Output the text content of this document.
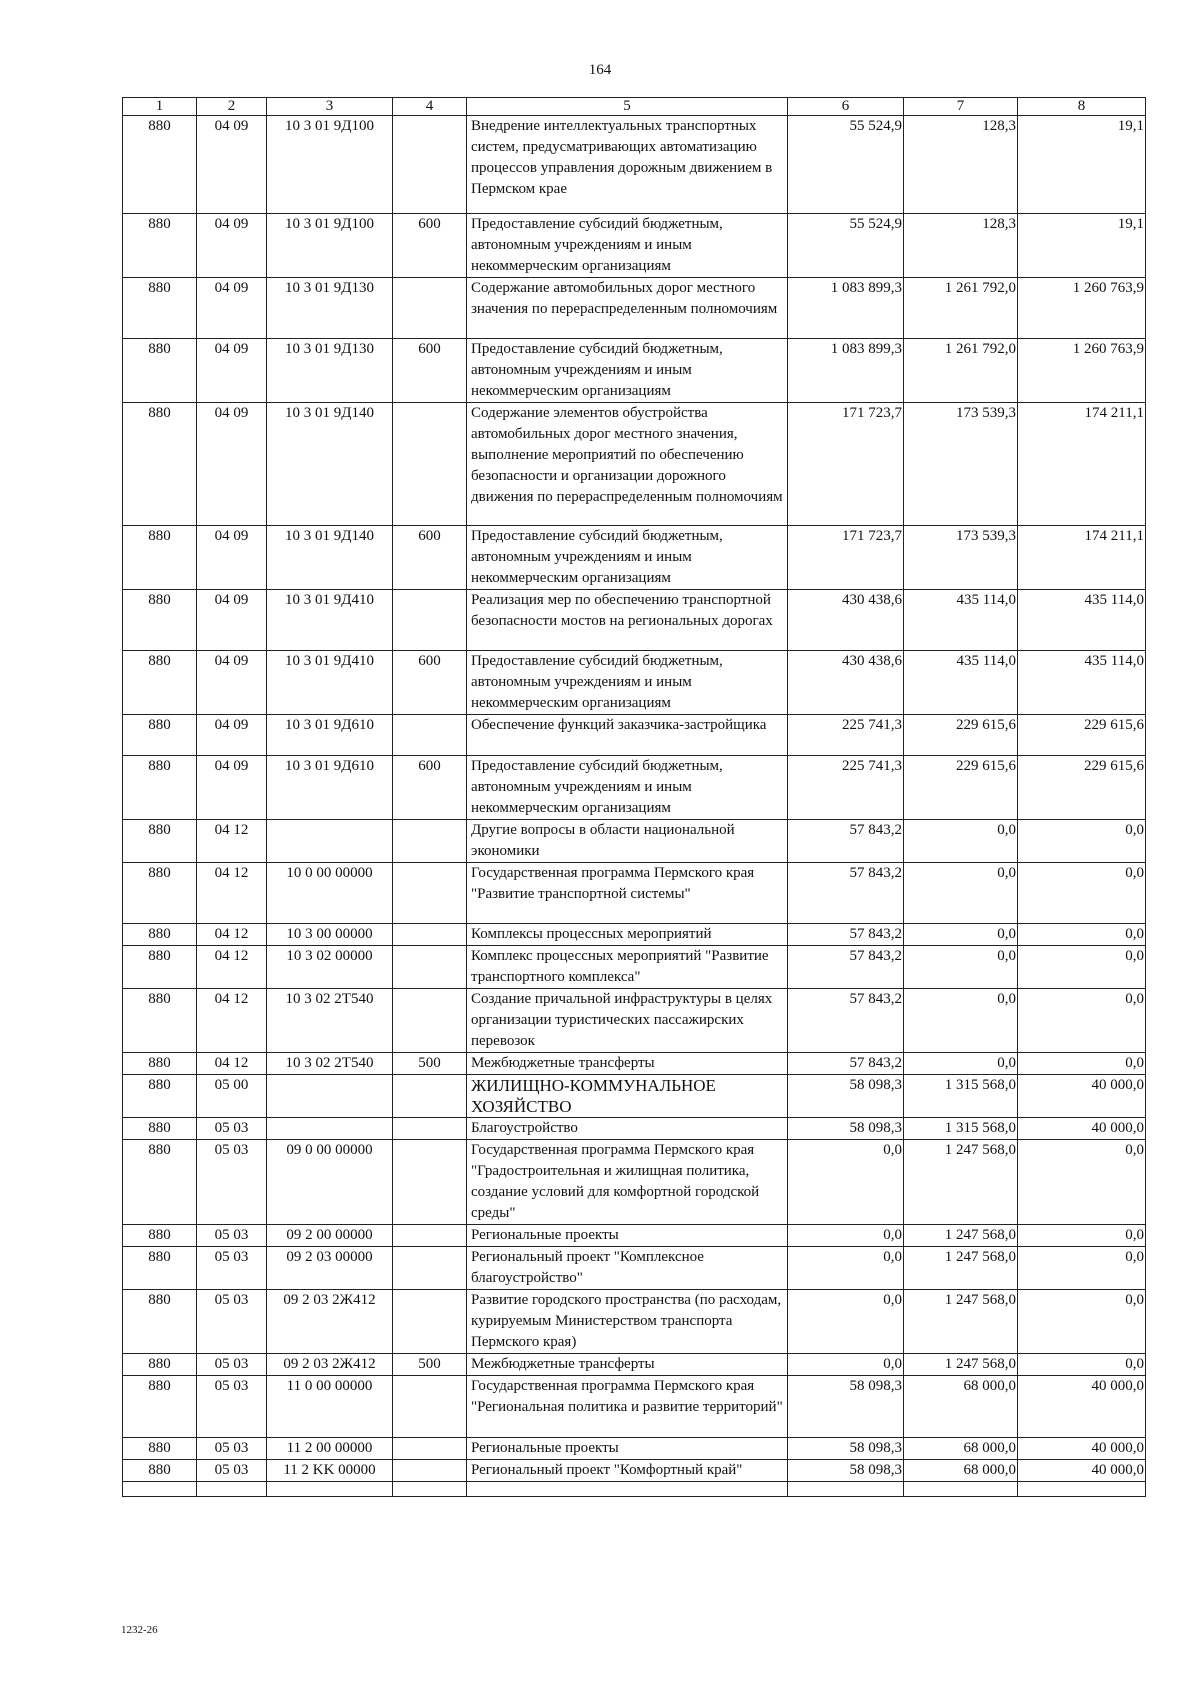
164
1	2	3	4	5	6	7	8
880	04 09	10 3 01 9Д100		Внедрение интеллектуальных транспортных систем, предусматривающих автоматизацию процессов управления дорожным движением в Пермском крае	55 524,9	128,3	19,1
880	04 09	10 3 01 9Д100	600	Предоставление субсидий бюджетным, автономным учреждениям и иным некоммерческим организациям	55 524,9	128,3	19,1
880	04 09	10 3 01 9Д130		Содержание автомобильных дорог местного значения по перераспределенным полномочиям	1 083 899,3	1 261 792,0	1 260 763,9
880	04 09	10 3 01 9Д130	600	Предоставление субсидий бюджетным, автономным учреждениям и иным некоммерческим организациям	1 083 899,3	1 261 792,0	1 260 763,9
880	04 09	10 3 01 9Д140		Содержание элементов обустройства автомобильных дорог местного значения, выполнение мероприятий по обеспечению безопасности и организации дорожного движения по перераспределенным полномочиям	171 723,7	173 539,3	174 211,1
880	04 09	10 3 01 9Д140	600	Предоставление субсидий бюджетным, автономным учреждениям и иным некоммерческим организациям	171 723,7	173 539,3	174 211,1
880	04 09	10 3 01 9Д410		Реализация мер по обеспечению транспортной безопасности мостов на региональных дорогах	430 438,6	435 114,0	435 114,0
880	04 09	10 3 01 9Д410	600	Предоставление субсидий бюджетным, автономным учреждениям и иным некоммерческим организациям	430 438,6	435 114,0	435 114,0
880	04 09	10 3 01 9Д610		Обеспечение функций заказчика-застройщика	225 741,3	229 615,6	229 615,6
880	04 09	10 3 01 9Д610	600	Предоставление субсидий бюджетным, автономным учреждениям и иным некоммерческим организациям	225 741,3	229 615,6	229 615,6
880	04 12			Другие вопросы в области национальной экономики	57 843,2	0,0	0,0
880	04 12	10 0 00 00000		Государственная программа Пермского края "Развитие транспортной системы"	57 843,2	0,0	0,0
880	04 12	10 3 00 00000		Комплексы процессных мероприятий	57 843,2	0,0	0,0
880	04 12	10 3 02 00000		Комплекс процессных мероприятий "Развитие транспортного комплекса"	57 843,2	0,0	0,0
880	04 12	10 3 02 2Т540		Создание причальной инфраструктуры в целях организации туристических пассажирских перевозок	57 843,2	0,0	0,0
880	04 12	10 3 02 2Т540	500	Межбюджетные трансферты	57 843,2	0,0	0,0
880	05 00			ЖИЛИЩНО-КОММУНАЛЬНОЕ ХОЗЯЙСТВО	58 098,3	1 315 568,0	40 000,0
880	05 03			Благоустройство	58 098,3	1 315 568,0	40 000,0
880	05 03	09 0 00 00000		Государственная программа Пермского края "Градостроительная и жилищная политика, создание условий для комфортной городской среды"	0,0	1 247 568,0	0,0
880	05 03	09 2 00 00000		Региональные проекты	0,0	1 247 568,0	0,0
880	05 03	09 2 03 00000		Региональный проект "Комплексное благоустройство"	0,0	1 247 568,0	0,0
880	05 03	09 2 03 2Ж412		Развитие городского пространства (по расходам, курируемым Министерством транспорта Пермского края)	0,0	1 247 568,0	0,0
880	05 03	09 2 03 2Ж412	500	Межбюджетные трансферты	0,0	1 247 568,0	0,0
880	05 03	11 0 00 00000		Государственная программа Пермского края "Региональная политика и развитие территорий"	58 098,3	68 000,0	40 000,0
880	05 03	11 2 00 00000		Региональные проекты	58 098,3	68 000,0	40 000,0
880	05 03	11 2 KK 00000		Региональный проект "Комфортный край"	58 098,3	68 000,0	40 000,0

1232-26
